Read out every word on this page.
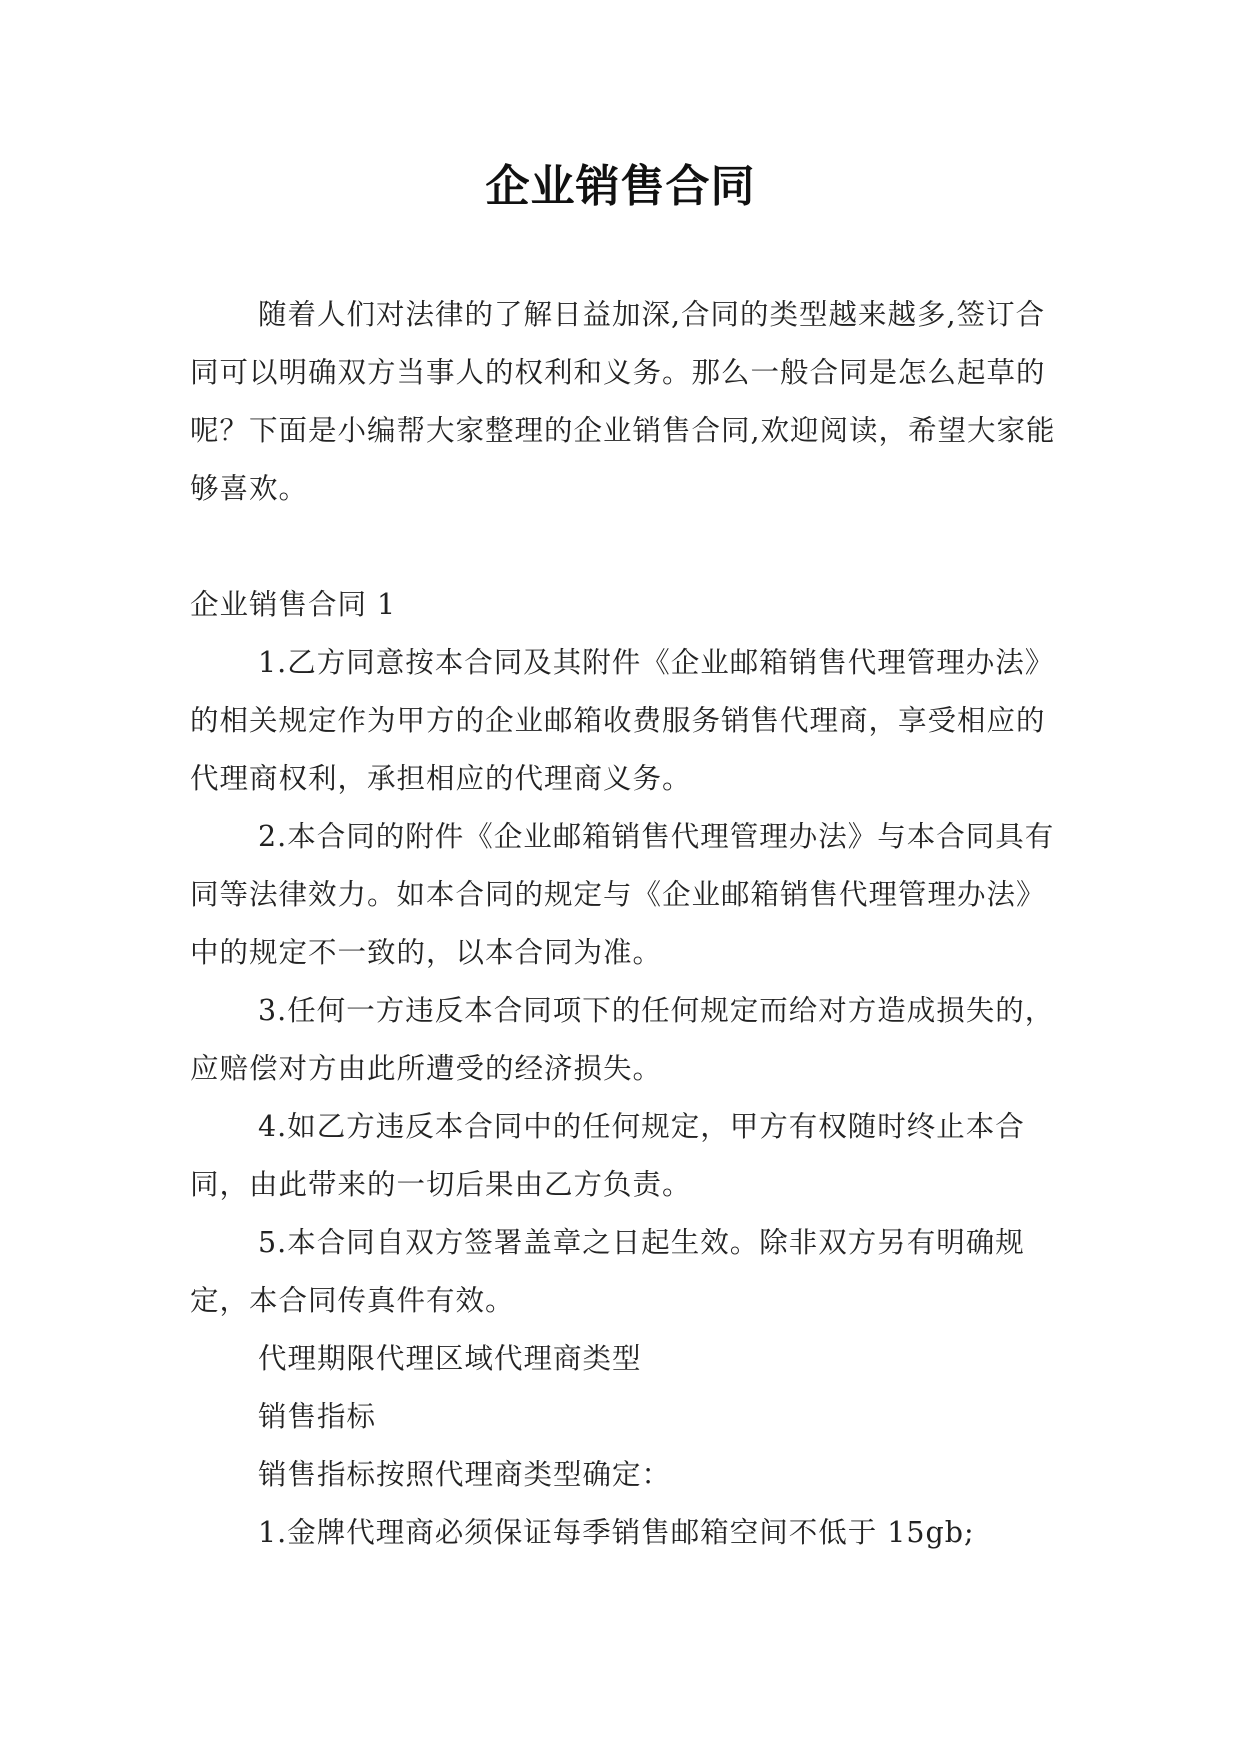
企业销售合同

随着人们对法律的了解日益加深,合同的类型越来越多,签订合同可以明确双方当事人的权利和义务。那么一般合同是怎么起草的呢？下面是小编帮大家整理的企业销售合同,欢迎阅读，希望大家能够喜欢。

企业销售合同 1

1.乙方同意按本合同及其附件《企业邮箱销售代理管理办法》的相关规定作为甲方的企业邮箱收费服务销售代理商，享受相应的代理商权利，承担相应的代理商义务。

2.本合同的附件《企业邮箱销售代理管理办法》与本合同具有同等法律效力。如本合同的规定与《企业邮箱销售代理管理办法》中的规定不一致的，以本合同为准。

3.任何一方违反本合同项下的任何规定而给对方造成损失的，应赔偿对方由此所遭受的经济损失。

4.如乙方违反本合同中的任何规定，甲方有权随时终止本合同，由此带来的一切后果由乙方负责。

5.本合同自双方签署盖章之日起生效。除非双方另有明确规定，本合同传真件有效。

代理期限代理区域代理商类型

销售指标

销售指标按照代理商类型确定：

1.金牌代理商必须保证每季销售邮箱空间不低于 15gb;
